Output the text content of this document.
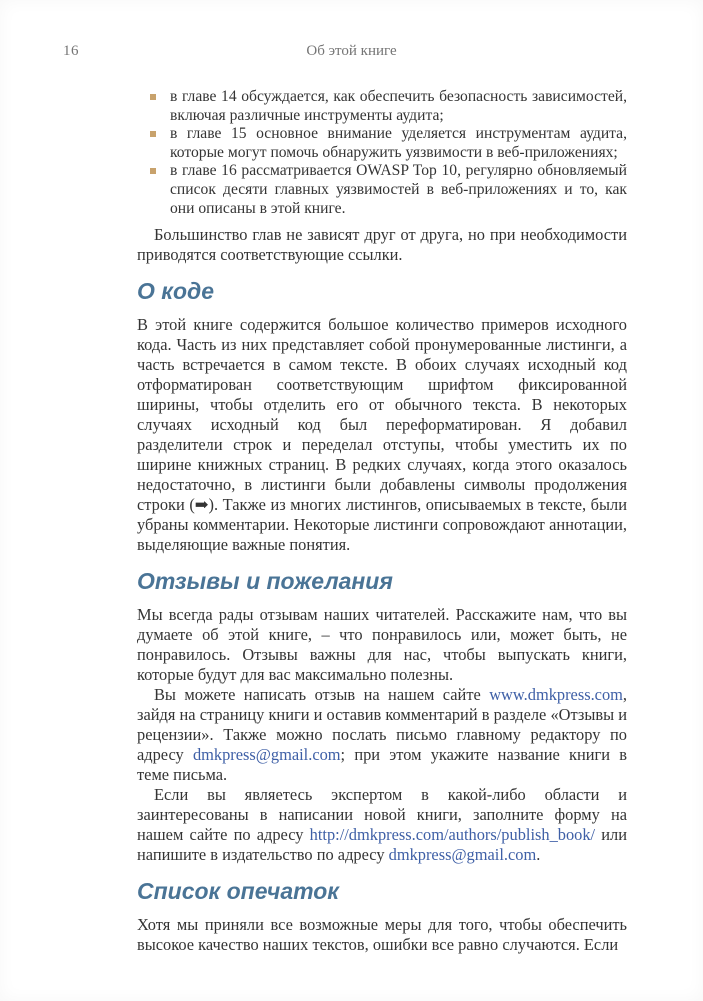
16	Об этой книге
в главе 14 обсуждается, как обеспечить безопасность зависимостей, включая различные инструменты аудита;
в главе 15 основное внимание уделяется инструментам аудита, которые могут помочь обнаружить уязвимости в веб-приложениях;
в главе 16 рассматривается OWASP Top 10, регулярно обновляемый список десяти главных уязвимостей в веб-приложениях и то, как они описаны в этой книге.

Большинство глав не зависят друг от друга, но при необходимости приводятся соответствующие ссылки.

О коде

В этой книге содержится большое количество примеров исходного кода. Часть из них представляет собой пронумерованные листинги, а часть встречается в самом тексте. В обоих случаях исходный код отформатирован соответствующим шрифтом фиксированной ширины, чтобы отделить его от обычного текста. В некоторых случаях исходный код был переформатирован. Я добавил разделители строк и переделал отступы, чтобы уместить их по ширине книжных страниц. В редких случаях, когда этого оказалось недостаточно, в листинги были добавлены символы продолжения строки (➡). Также из многих листингов, описываемых в тексте, были убраны комментарии. Некоторые листинги сопровождают аннотации, выделяющие важные понятия.

Отзывы и пожелания

Мы всегда рады отзывам наших читателей. Расскажите нам, что вы думаете об этой книге, – что понравилось или, может быть, не понравилось. Отзывы важны для нас, чтобы выпускать книги, которые будут для вас максимально полезны.

Вы можете написать отзыв на нашем сайте www.dmkpress.com, зайдя на страницу книги и оставив комментарий в разделе «Отзывы и рецензии». Также можно послать письмо главному редактору по адресу dmkpress@gmail.com; при этом укажите название книги в теме письма.

Если вы являетесь экспертом в какой-либо области и заинтересованы в написании новой книги, заполните форму на нашем сайте по адресу http://dmkpress.com/authors/publish_book/ или напишите в издательство по адресу dmkpress@gmail.com.

Список опечаток

Хотя мы приняли все возможные меры для того, чтобы обеспечить высокое качество наших текстов, ошибки все равно случаются. Если
